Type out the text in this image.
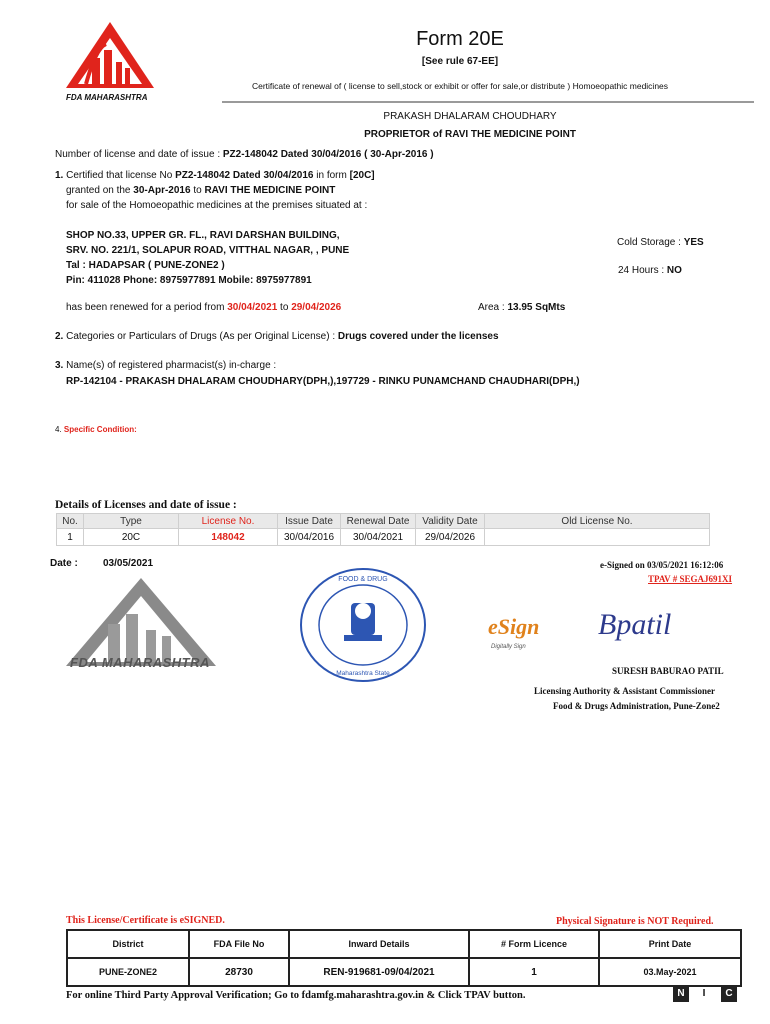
FDA MAHARASHTRA
Form 20E
[See rule 67-EE]
Certificate of renewal of ( license to sell,stock or exhibit or offer for sale,or distribute ) Homoeopathic medicines
PRAKASH DHALARAM CHOUDHARY
PROPRIETOR of RAVI THE MEDICINE POINT
Number of license and date of issue : PZ2-148042 Dated 30/04/2016 ( 30-Apr-2016 )
1. Certified that license No PZ2-148042 Dated 30/04/2016 in form [20C]
granted on the 30-Apr-2016 to RAVI THE MEDICINE POINT
for sale of the Homoeopathic medicines at the premises situated at :
SHOP NO.33, UPPER GR. FL., RAVI DARSHAN BUILDING,
SRV. NO. 221/1, SOLAPUR ROAD, VITTHAL NAGAR, , PUNE
Tal : HADAPSAR ( PUNE-ZONE2 )
Pin: 411028 Phone: 8975977891 Mobile: 8975977891
Cold Storage : YES
24 Hours : NO
has been renewed for a period from 30/04/2021 to 29/04/2026	Area : 13.95 SqMts
2. Categories or Particulars of Drugs (As per Original License) : Drugs covered under the licenses
3. Name(s) of registered pharmacist(s) in-charge :
RP-142104 - PRAKASH DHALARAM CHOUDHARY(DPH,),197729 - RINKU PUNAMCHAND CHAUDHARI(DPH,)
4. Specific Condition:
Details of Licenses and date of issue :
No.	Type	License No.	Issue Date	Renewal Date	Validity Date	Old License No.
1	20C	148042	30/04/2016	30/04/2021	29/04/2026	
Date :	03/05/2021
FDA MAHARASHTRA
FOOD & DRUG
Maharashtra State
eSign
Digitally Sign
Bpatil
e-Signed on 03/05/2021 16:12:06
TPAV # SEGAJ691XI
SURESH BABURAO PATIL
Licensing Authority & Assistant Commissioner
Food & Drugs Administration, Pune-Zone2
This License/Certificate is eSIGNED.	Physical Signature is NOT Required.
District	FDA File No	Inward Details	# Form Licence	Print Date
PUNE-ZONE2	28730	REN-919681-09/04/2021	1	03.May-2021
For online Third Party Approval Verification; Go to fdamfg.maharashtra.gov.in & Click TPAV button.	N	I	C
